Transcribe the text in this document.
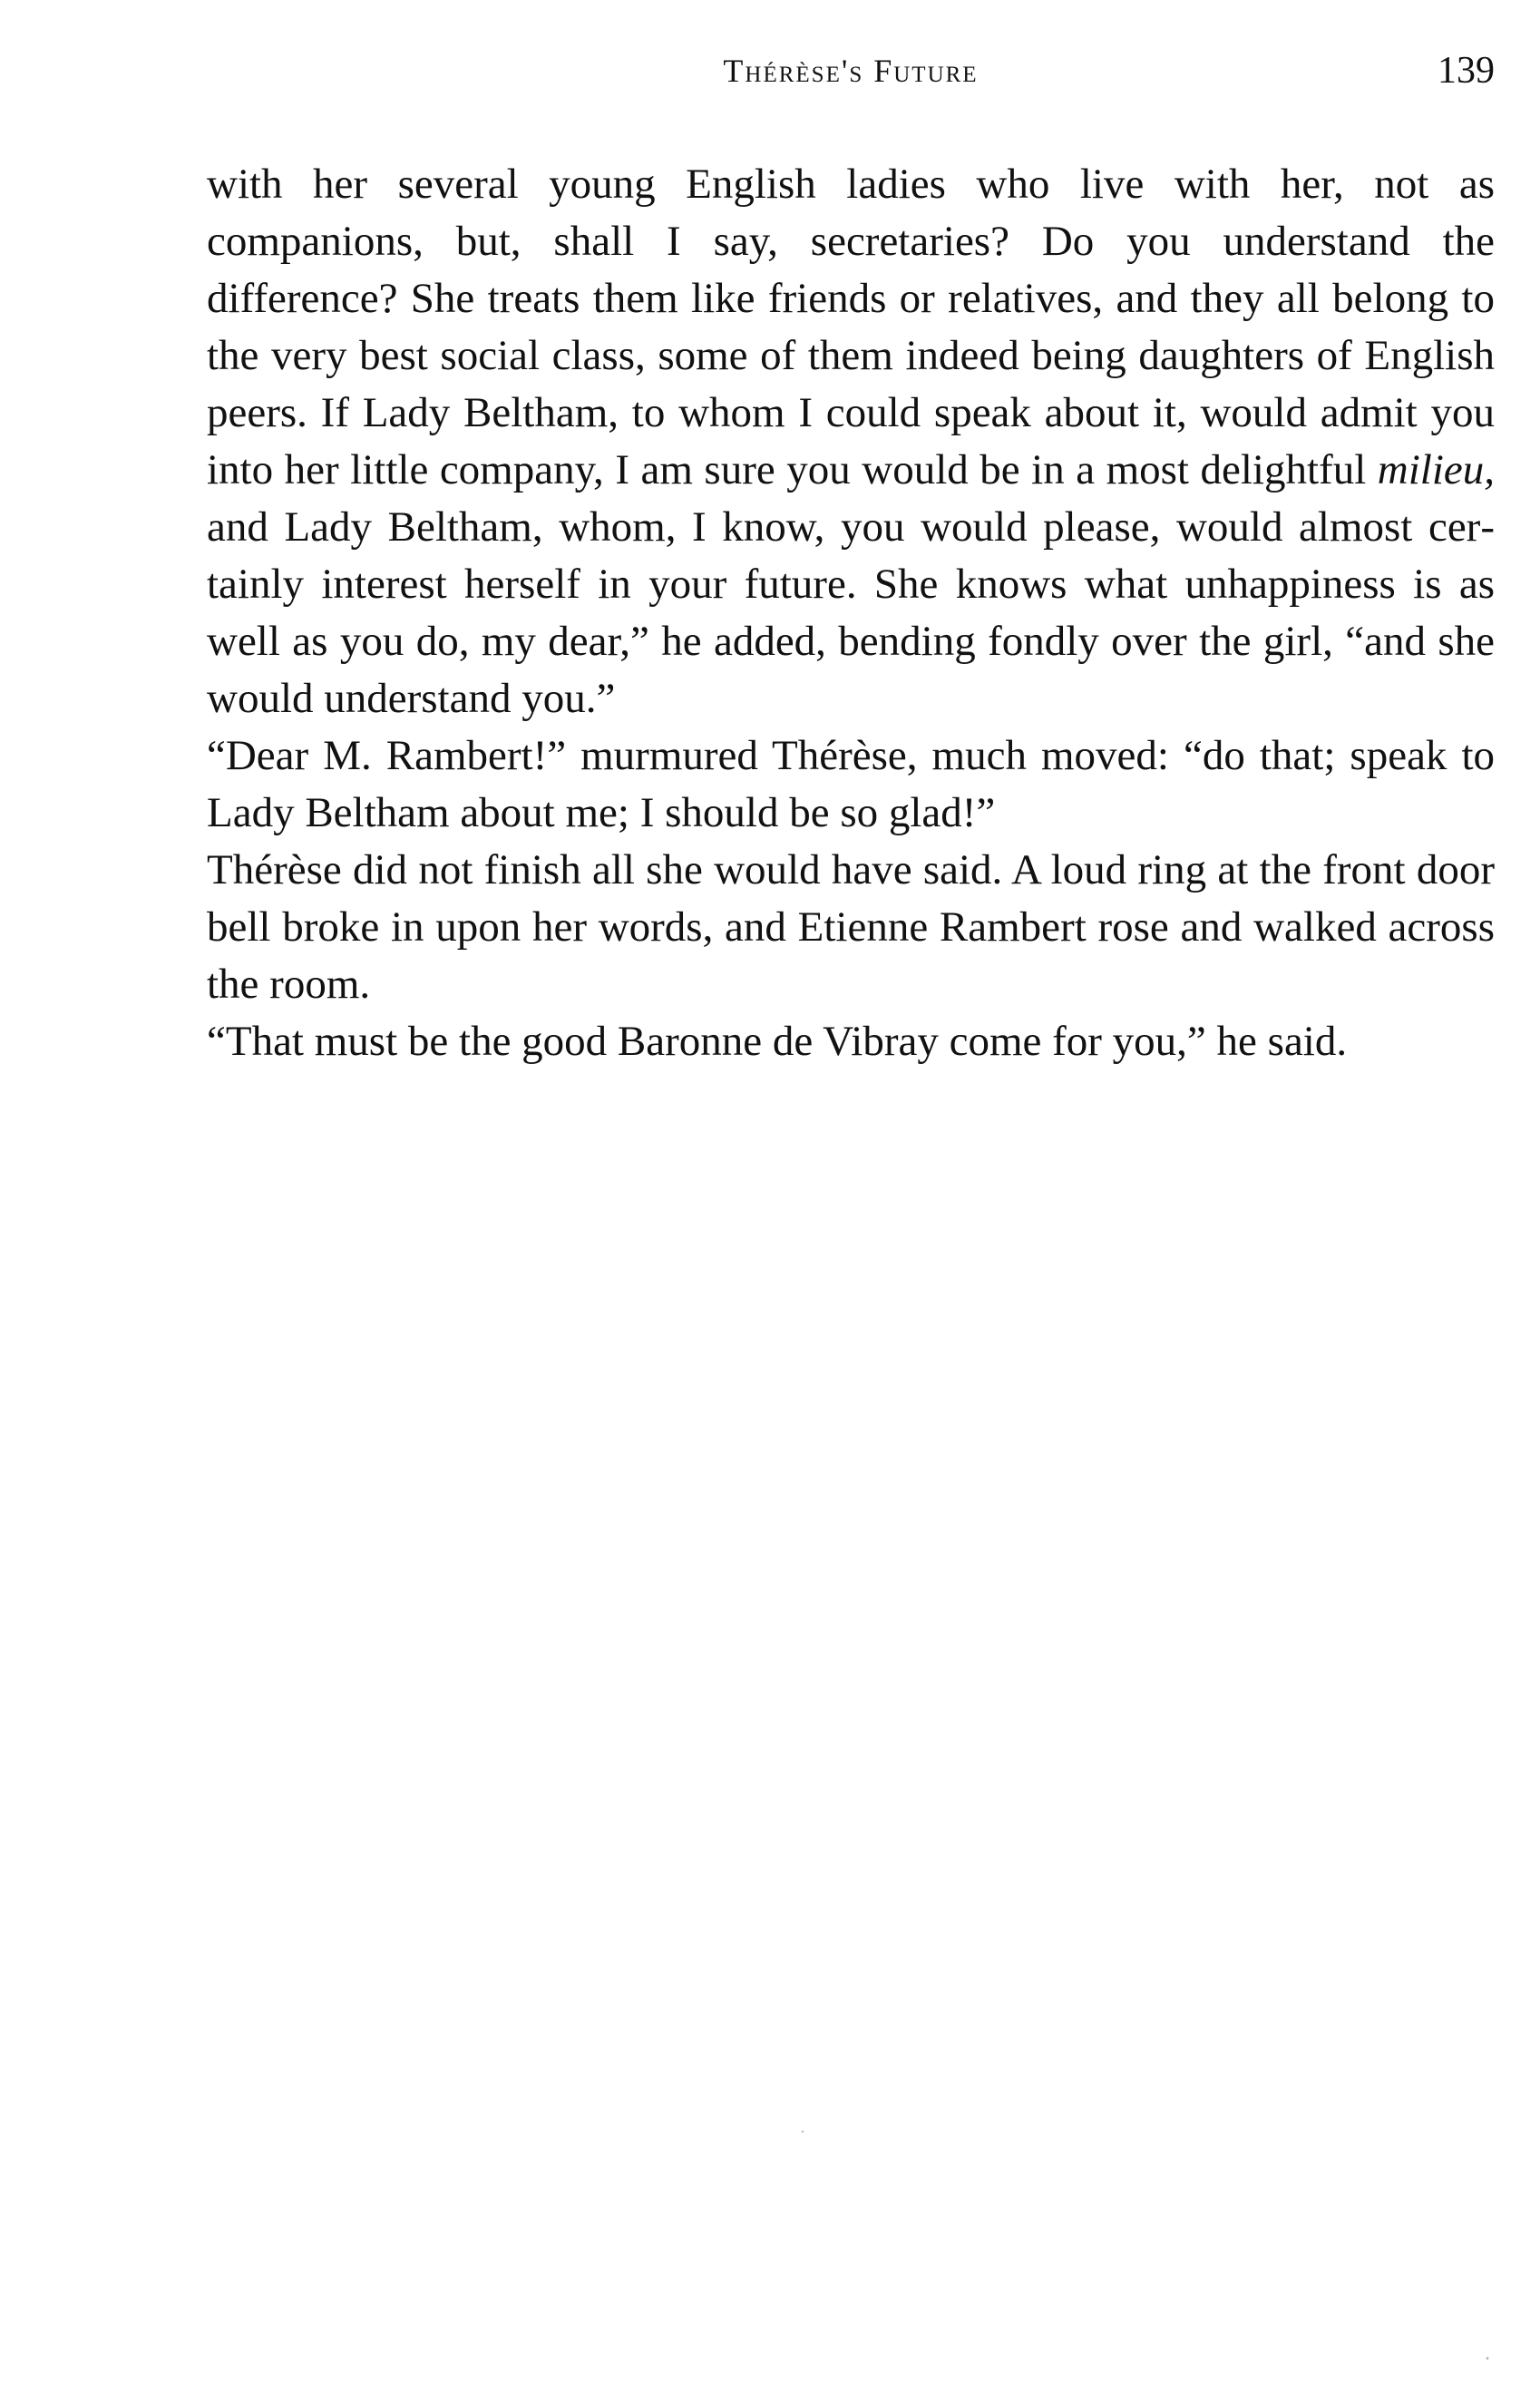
Thérèse's Future	139

with her several young English ladies who live with her, not as companions, but, shall I say, secretaries? Do you understand the difference? She treats them like friends or relatives, and they all belong to the very best social class, some of them indeed being daughters of English peers. If Lady Beltham, to whom I could speak about it, would admit you into her little company, I am sure you would be in a most delightful milieu, and Lady Beltham, whom, I know, you would please, would almost certainly interest herself in your future. She knows what unhappiness is as well as you do, my dear,” he added, bending fondly over the girl, “and she would understand you.”

“Dear M. Rambert!” murmured Thérèse, much moved: “do that; speak to Lady Beltham about me; I should be so glad!”

Thérèse did not finish all she would have said. A loud ring at the front door bell broke in upon her words, and Etienne Rambert rose and walked across the room.

“That must be the good Baronne de Vibray come for you,” he said.
